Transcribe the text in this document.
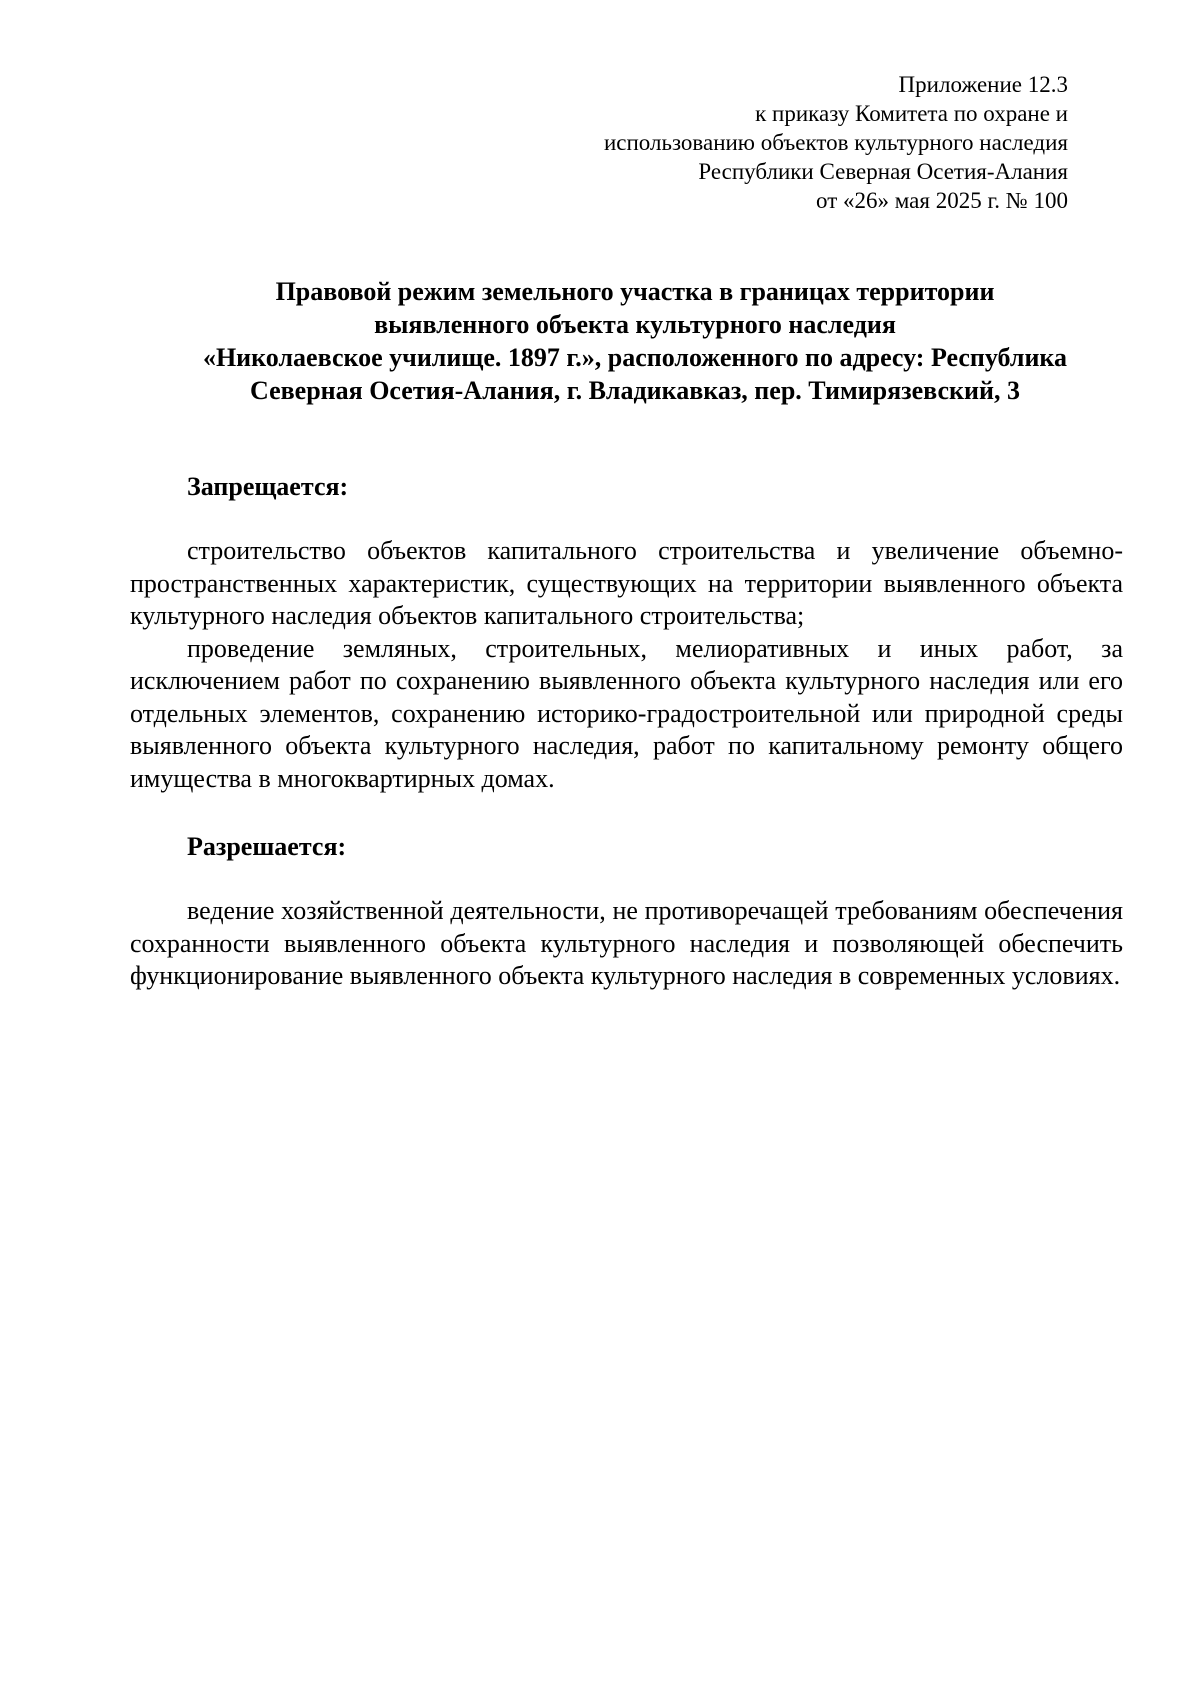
Приложение 12.3
к приказу Комитета по охране и
использованию объектов культурного наследия
Республики Северная Осетия-Алания
от «26» мая 2025 г. № 100
Правовой режим земельного участка в границах территории
выявленного объекта культурного наследия
«Николаевское училище. 1897 г.», расположенного по адресу: Республика
Северная Осетия-Алания, г. Владикавказ, пер. Тимирязевский, 3
Запрещается:

строительство объектов капитального строительства и увеличение объемно-пространственных характеристик, существующих на территории выявленного объекта культурного наследия объектов капитального строительства;

проведение земляных, строительных, мелиоративных и иных работ, за исключением работ по сохранению выявленного объекта культурного наследия или его отдельных элементов, сохранению историко-градостроительной или природной среды выявленного объекта культурного наследия, работ по капитальному ремонту общего имущества в многоквартирных домах.

Разрешается:

ведение хозяйственной деятельности, не противоречащей требованиям обеспечения сохранности выявленного объекта культурного наследия и позволяющей обеспечить функционирование выявленного объекта культурного наследия в современных условиях.
